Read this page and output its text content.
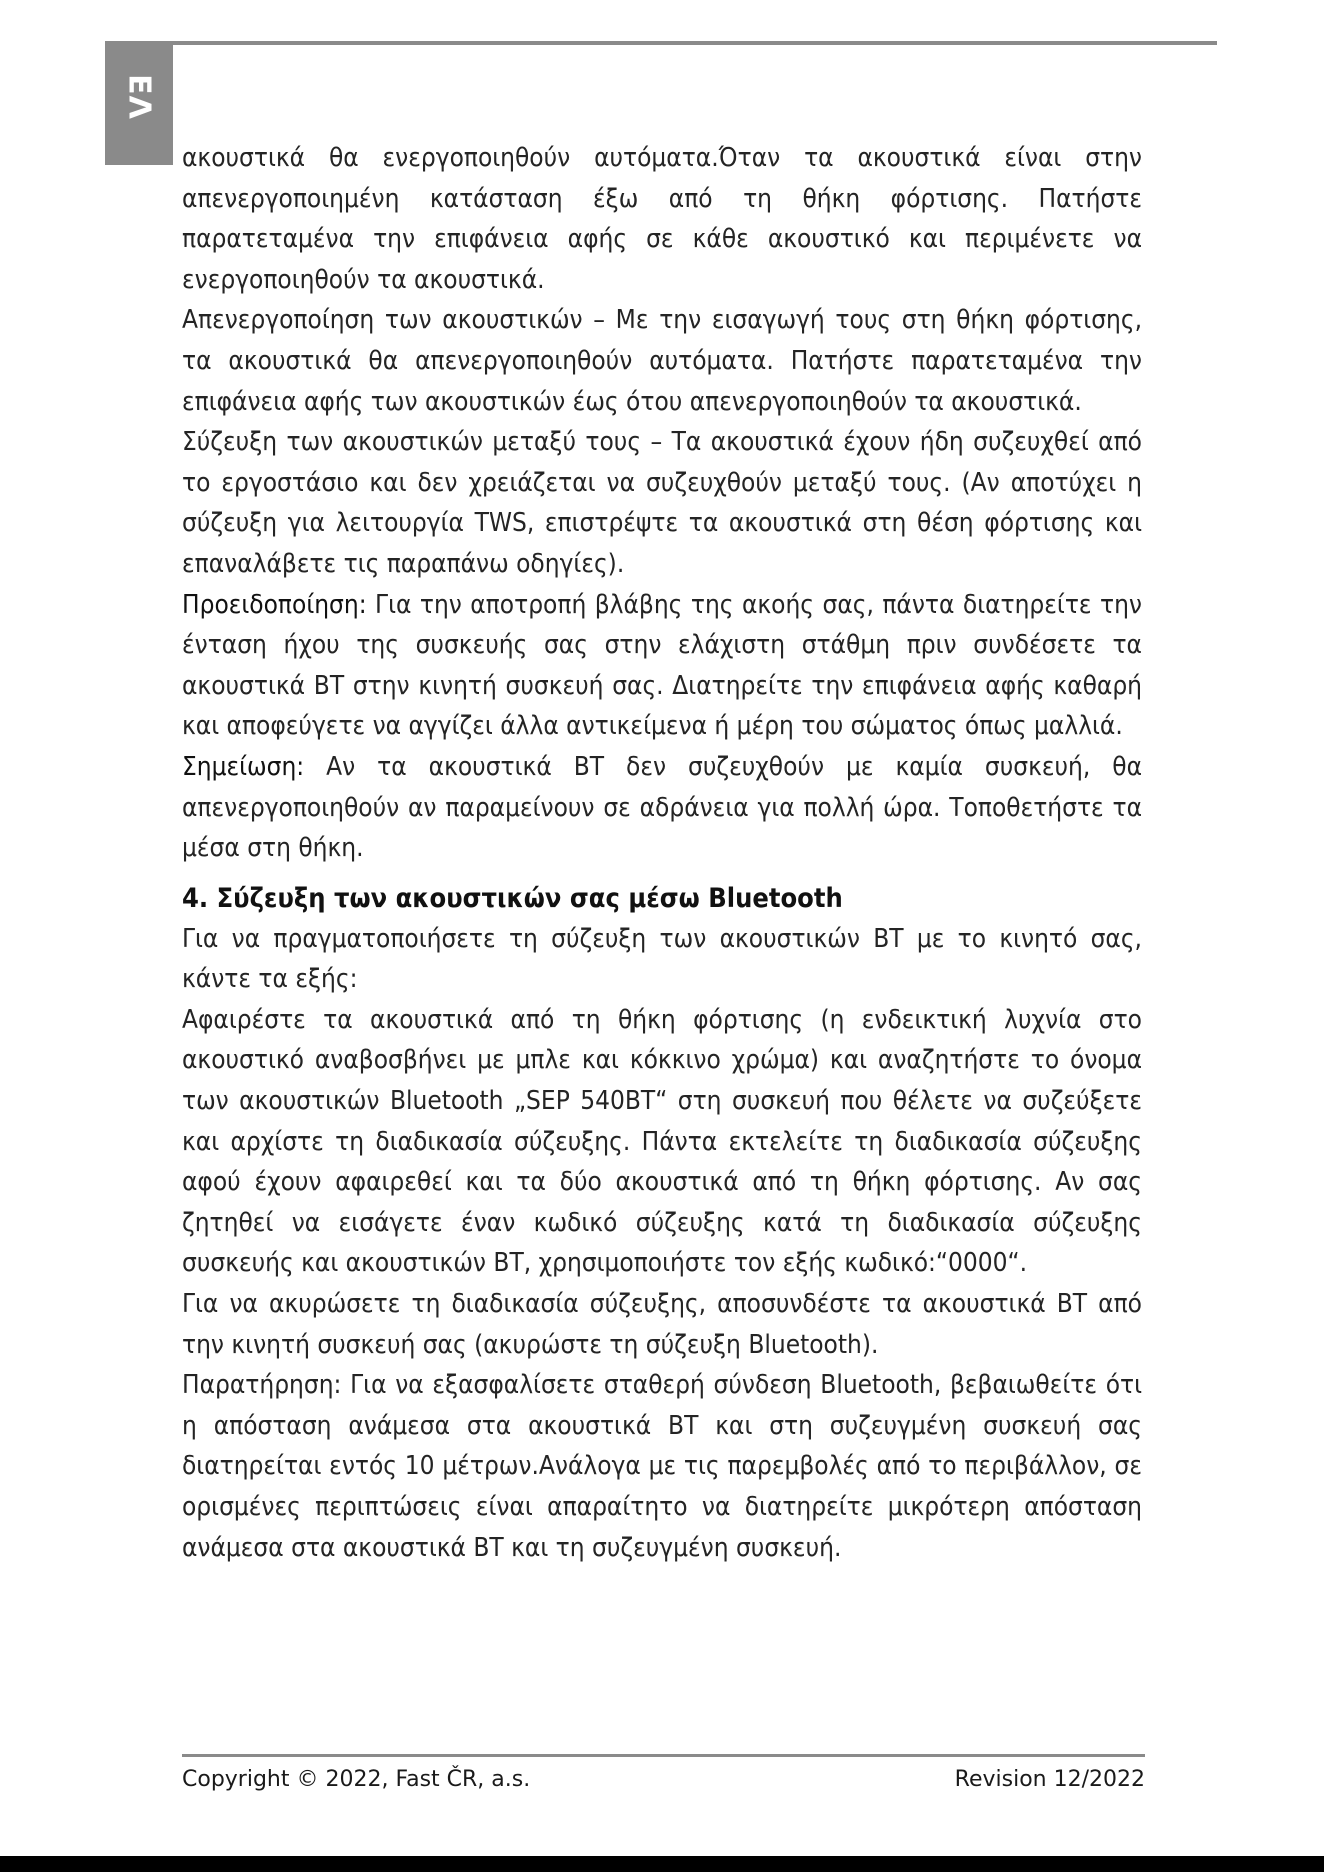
ΕΛ

ακουστικά θα ενεργοποιηθούν αυτόματα.Όταν τα ακουστικά είναι στην απενεργοποιημένη κατάσταση έξω από τη θήκη φόρτισης. Πατήστε παρατεταμένα την επιφάνεια αφής σε κάθε ακουστικό και περιμένετε να ενεργοποιηθούν τα ακουστικά.

Απενεργοποίηση των ακουστικών – Με την εισαγωγή τους στη θήκη φόρτισης, τα ακουστικά θα απενεργοποιηθούν αυτόματα. Πατήστε παρατεταμένα την επιφάνεια αφής των ακουστικών έως ότου απενεργοποιηθούν τα ακουστικά.

Σύζευξη των ακουστικών μεταξύ τους – Τα ακουστικά έχουν ήδη συζευχθεί από το εργοστάσιο και δεν χρειάζεται να συζευχθούν μεταξύ τους. (Αν αποτύχει η σύζευξη για λειτουργία TWS, επιστρέψτε τα ακουστικά στη θέση φόρτισης και επαναλάβετε τις παραπάνω οδηγίες).

Προειδοποίηση: Για την αποτροπή βλάβης της ακοής σας, πάντα διατηρείτε την ένταση ήχου της συσκευής σας στην ελάχιστη στάθμη πριν συνδέσετε τα ακουστικά BT στην κινητή συσκευή σας. Διατηρείτε την επιφάνεια αφής καθαρή και αποφεύγετε να αγγίζει άλλα αντικείμενα ή μέρη του σώματος όπως μαλλιά.

Σημείωση: Αν τα ακουστικά BT δεν συζευχθούν με καμία συσκευή, θα απενεργοποιηθούν αν παραμείνουν σε αδράνεια για πολλή ώρα. Τοποθετήστε τα μέσα στη θήκη.

4. Σύζευξη των ακουστικών σας μέσω Bluetooth

Για να πραγματοποιήσετε τη σύζευξη των ακουστικών BT με το κινητό σας, κάντε τα εξής:

Αφαιρέστε τα ακουστικά από τη θήκη φόρτισης (η ενδεικτική λυχνία στο ακουστικό αναβοσβήνει με μπλε και κόκκινο χρώμα) και αναζητήστε το όνομα των ακουστικών Bluetooth „SEP 540BT“ στη συσκευή που θέλετε να συζεύξετε και αρχίστε τη διαδικασία σύζευξης. Πάντα εκτελείτε τη διαδικασία σύζευξης αφού έχουν αφαιρεθεί και τα δύο ακουστικά από τη θήκη φόρτισης. Αν σας ζητηθεί να εισάγετε έναν κωδικό σύζευξης κατά τη διαδικασία σύζευξης συσκευής και ακουστικών BT, χρησιμοποιήστε τον εξής κωδικό:“0000“.

Για να ακυρώσετε τη διαδικασία σύζευξης, αποσυνδέστε τα ακουστικά BT από την κινητή συσκευή σας (ακυρώστε τη σύζευξη Bluetooth).

Παρατήρηση: Για να εξασφαλίσετε σταθερή σύνδεση Bluetooth, βεβαιωθείτε ότι η απόσταση ανάμεσα στα ακουστικά BT και στη συζευγμένη συσκευή σας διατηρείται εντός 10 μέτρων.Ανάλογα με τις παρεμβολές από το περιβάλλον, σε ορισμένες περιπτώσεις είναι απαραίτητο να διατηρείτε μικρότερη απόσταση ανάμεσα στα ακουστικά BT και τη συζευγμένη συσκευή.

Copyright © 2022, Fast ČR, a.s.	Revision 12/2022
